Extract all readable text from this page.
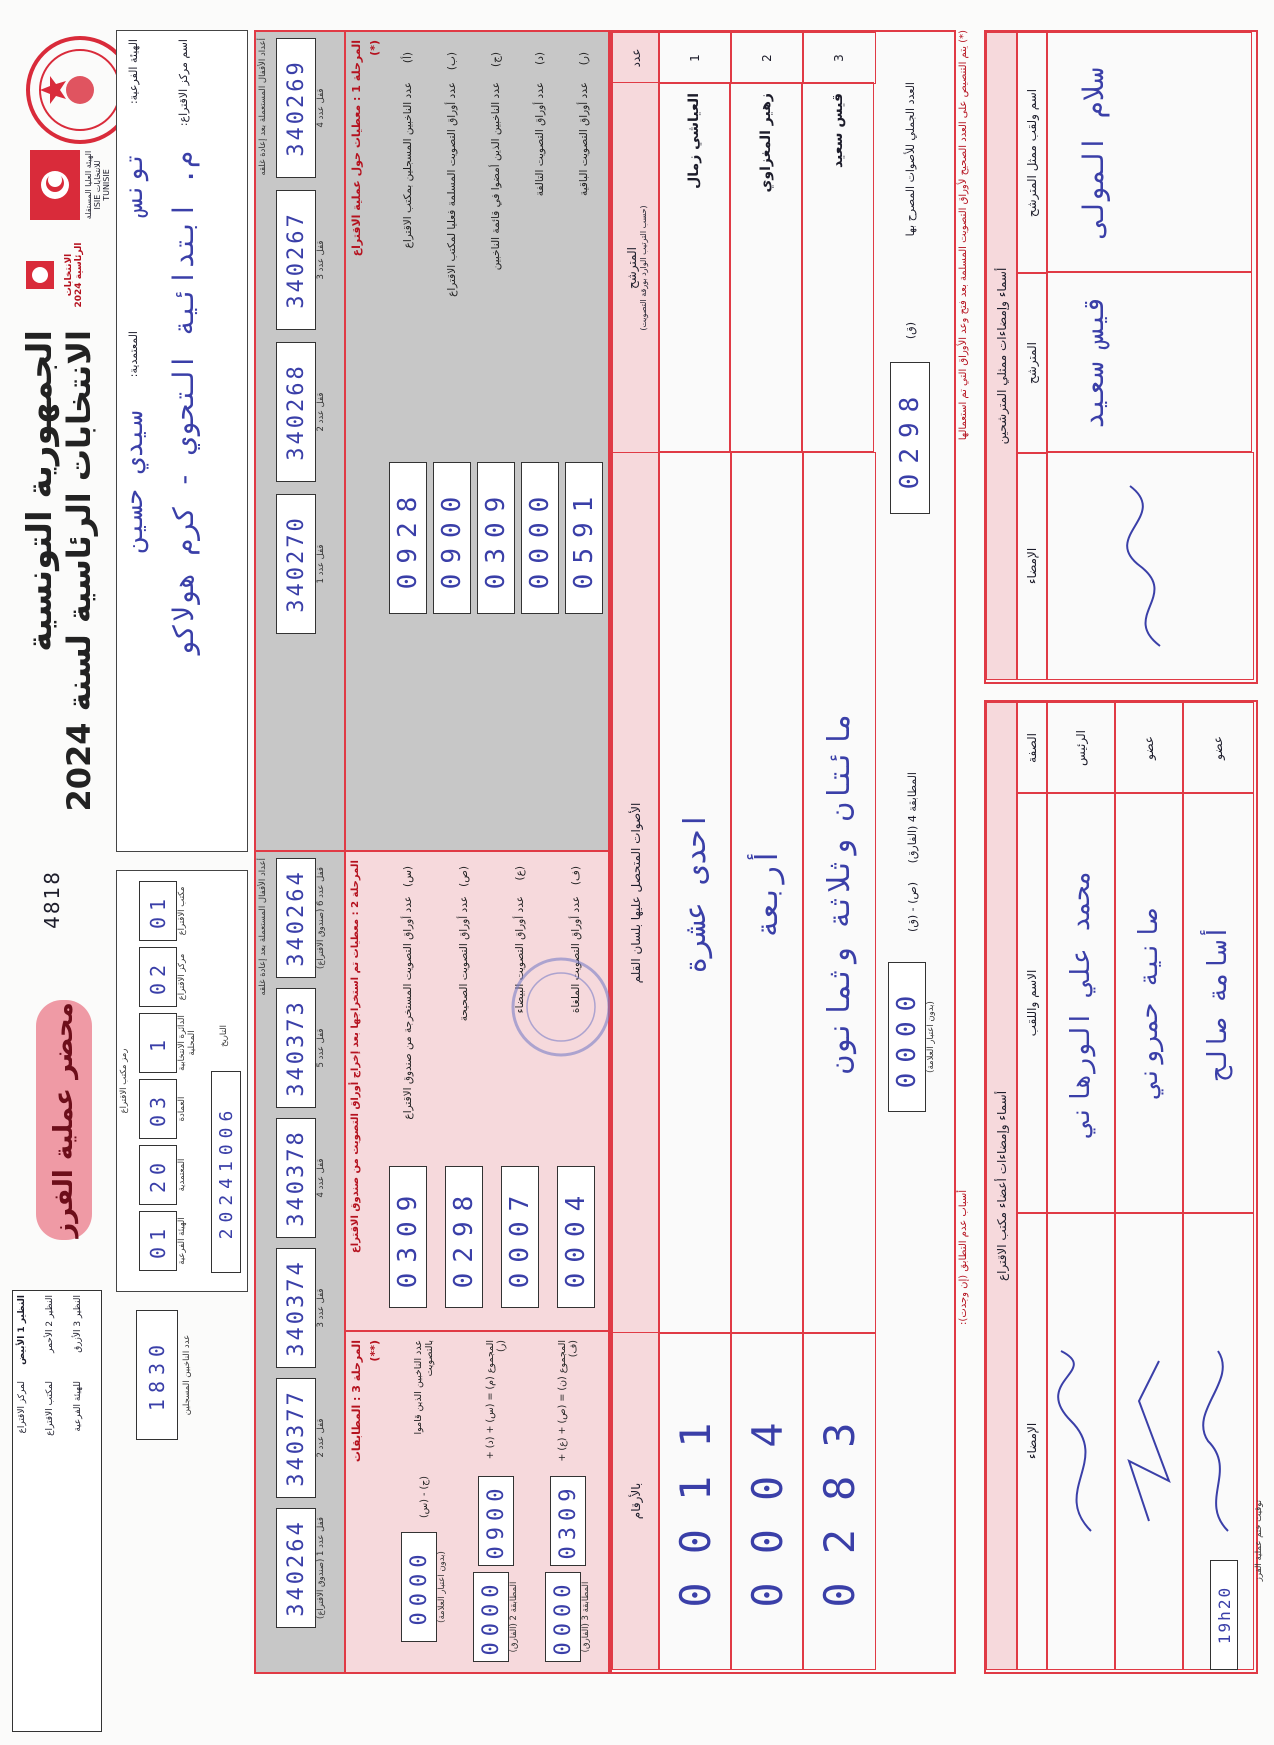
الهيئة العليا المستقلة للانتخابات ISIE TUNISIE
الانتخابات الرئاسية 2024
الجمهورية التونسية
الانتخابات الرئاسية لسنة 2024
4818
محضر عملية الفرز
النظير 1 الأبيض
النظير 2 الأحمر
النظير 3 الأزرق
لمركز الاقتراع لمكتب الاقتراع للهيئة الفرعية
الهيئة الفرعية:
تونس
المعتمدية:
سيدي حسين
اسم مركز الاقتراع:
م. ابتدائية التحوي - كرم هولاكو
رمز مكتب الاقتراع
01 مكتب الاقتراع
02 مركز الاقتراع
1 الدائرة الانتخابية المحلية
03 العمادة
20 المعتمدية
01 الهيئة الفرعية
20241006
التاريخ
1830	عدد الناخبين المسجلين
أعداد الأقفال المستعملة بعد إعادة غلقه 340269 قفل عدد 4
340267 قفل عدد 3
340268 قفل عدد 2
340270 قفل عدد 1
أعداد الأقفال المستعملة بعد إعادة غلقه 340264 قفل عدد 6 (صندوق الاقتراع)
340373 قفل عدد 5
340378 قفل عدد 4
340374 قفل عدد 3
340377 قفل عدد 2
340264 قفل عدد 1 (صندوق الاقتراع)
المرحلة 1 : معطيات حول عملية الاقتراع (*)
(أ)
عدد الناخبين المسجلين بمكتب الاقتراع
0928
(ب)
عدد أوراق التصويت المسلمة فعليا لمكتب الاقتراع
0900
(ج)
عدد الناخبين الذين أمضوا في قائمة الناخبين
0309
(د)
عدد أوراق التصويت التالفة
0000
(ر)
عدد أوراق التصويت الباقية
0591
المرحلة 2 : معطيات تم استخراجها بعد إخراج أوراق التصويت من صندوق الاقتراع	(س)
عدد أوراق التصويت المستخرجة من صندوق الاقتراع
0309
(ص)
عدد أوراق التصويت الصحيحة
0298
(ع)
عدد أوراق التصويت البيضاء
0007
(ف)
عدد أوراق التصويت الملغاة
0004
المرحلة 3 : المطابقات (**)	عدد الناخبين الذين قاموا بالتصويت
(ج) - (س)
0000 (بدون اعتبار العلامة)
المجموع (م) = (س) + (د) + (ر)
0900
0000 المطابقة 2 (الفارق)
المجموع (ن) = (ص) + (ع) + (ف)
0309
0000 المطابقة 3 (الفارق)
عدد
المترشح (حسب الترتيب الوارد بورقة التصويت)
الأصوات المتحصل عليها بلسان القلم
بالأرقام
1
العياشي زمال
احدى عشرة
0011
2
زهير المغزاوي
أربعة
0004
3
قيس سعيد
مائتان وثلاثة وثمانون
0283
العدد الجملي للأصوات المصرح بها
(ق)
0298
المطابقة 4 (الفارق)
(ص) - (ق)
0000 (بدون اعتبار العلامة)
(*) يتم التنصيص على العدد الصحيح لأوراق التصويت المسلمة بعد فتح وعد الأوراق التي تم استعمالها
أسباب عدم التطابق (إن وجدت):
أسماء وإمضاءات ممثلي المترشحين
اسم ولقب ممثل المترشح
المترشح
الإمضاء
سلام المولى
قيس سعيد
أسماء وإمضاءات أعضاء مكتب الاقتراع
الصفة
الاسم واللقب
الإمضاء
الرئيس
محمد علي الورهاني
عضو
صانية حمروني
عضو
أسامة صالح
19h20
توقيت ختم عملية الفرز
